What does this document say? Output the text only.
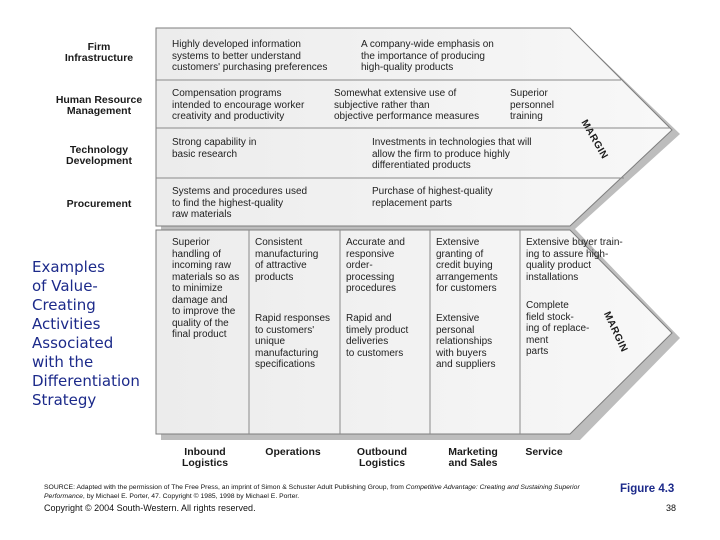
Firm
Infrastructure
Human Resource
Management
Technology
Development
Procurement
Highly developed information
systems to better understand
customers' purchasing preferences
A company-wide emphasis on
the importance of producing
high-quality products
Compensation programs
intended to encourage worker
creativity and productivity
Somewhat extensive use of
subjective rather than
objective performance measures
Superior
personnel
training
Strong capability in
basic research
Investments in technologies that will
allow the firm to produce highly
differentiated products
Systems and procedures used
to find the highest-quality
raw materials
Purchase of highest-quality
replacement parts
MARGIN
MARGIN
Superior
handling of
incoming raw
materials so as
to minimize
damage and
to improve the
quality of the
final product
Consistent
manufacturing
of attractive
products
Rapid responses
to customers'
unique
manufacturing
specifications
Accurate and
responsive
order-
processing
procedures
Rapid and
timely product
deliveries
to customers
Extensive
granting of
credit buying
arrangements
for customers
Extensive
personal
relationships
with buyers
and suppliers
Extensive buyer train-
ing to assure high-
quality product
installations
Complete
field stock-
ing of replace-
ment
parts
Inbound
Logistics
Operations	Outbound
Logistics
Marketing
and Sales
Service
Examples
of Value-
Creating
Activities
Associated
with the
Differentiation
Strategy
SOURCE: Adapted with the permission of The Free Press, an imprint of Simon & Schuster Adult Publishing Group, from Competitive Advantage: Creating and Sustaining Superior Performance, by Michael E. Porter, 47. Copyright © 1985, 1998 by Michael E. Porter.
Copyright © 2004 South-Western. All rights reserved.
Figure 4.3
38
